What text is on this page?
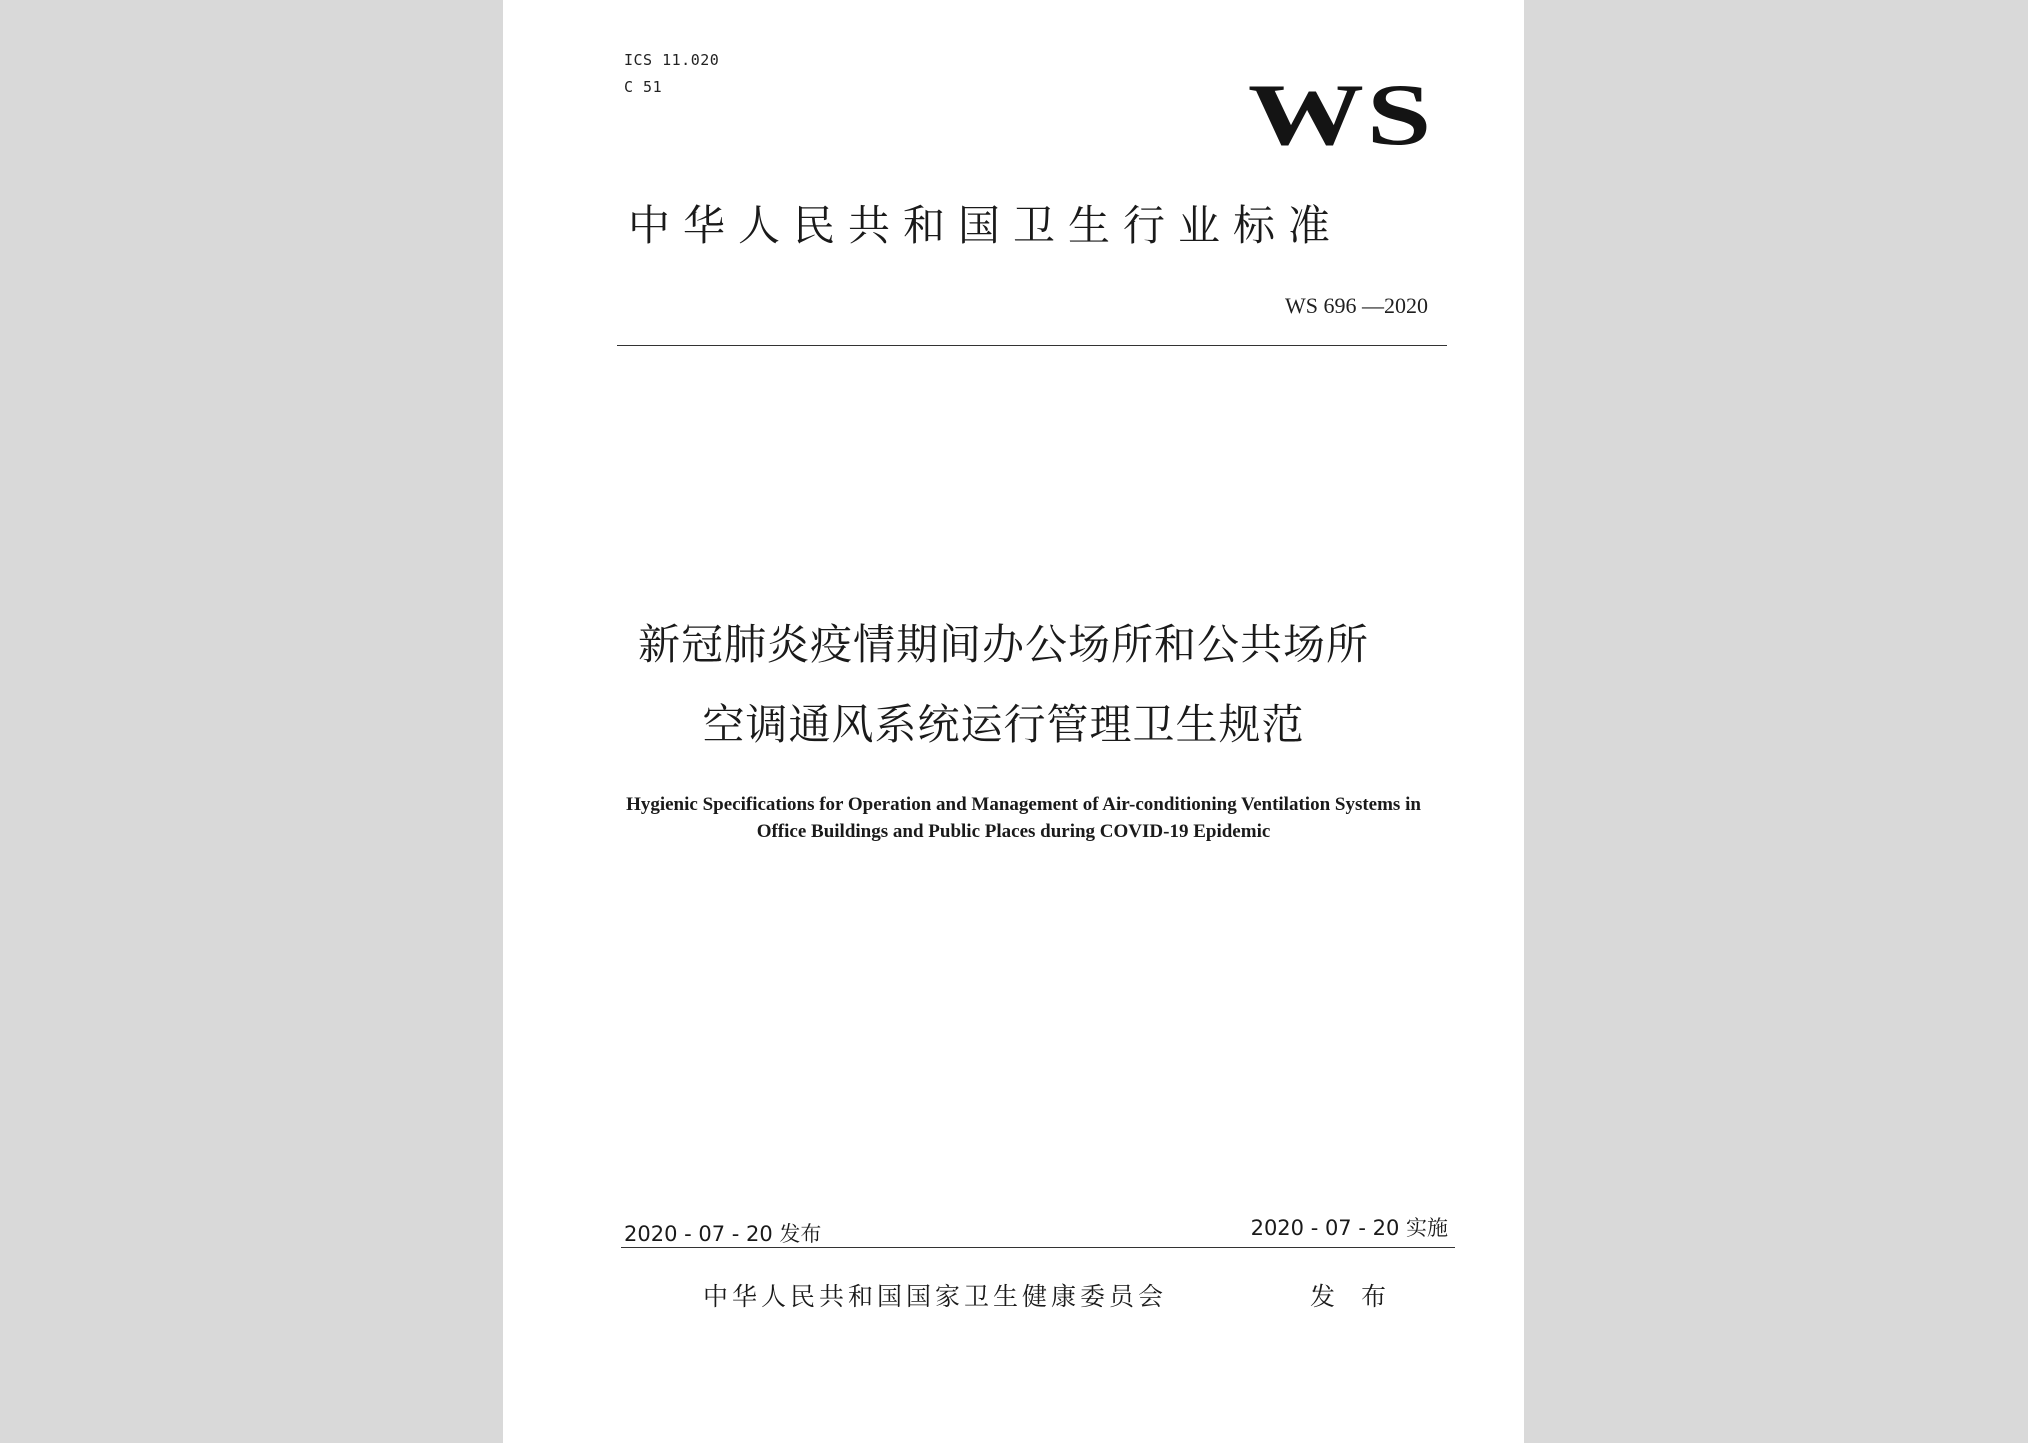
ICS 11.020
C 51	WS
中华人民共和国卫生行业标准
WS 696 —2020
新冠肺炎疫情期间办公场所和公共场所
空调通风系统运行管理卫生规范
Hygienic Specifications for Operation and Management of Air-conditioning Ventilation Systems in
Office Buildings and Public Places during COVID-19 Epidemic
2020 - 07 - 20 发布	2020 - 07 - 20 实施
中华人民共和国国家卫生健康委员会	发 布
